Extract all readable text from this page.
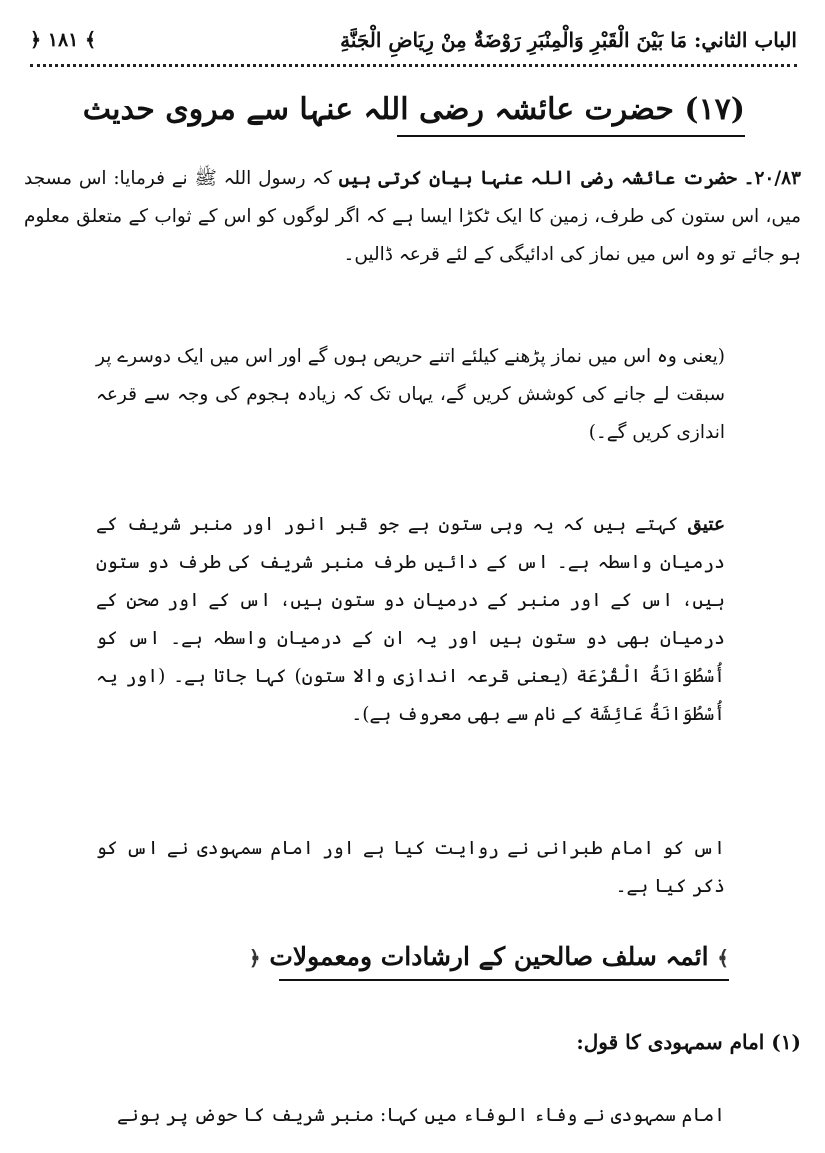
الباب الثاني: مَا بَيْنَ الْقَبْرِ وَالْمِنْبَرِ رَوْضَةٌ مِنْ رِيَاضِ الْجَنَّةِ
﴿ ۱۸۱ ﴾
(۱۷) حضرت عائشہ رضی اللہ عنہا سے مروی حدیث
۲۰/۸۳۔ حضرت عائشہ رضی اللہ عنہا بیان کرتی ہیں کہ رسول اللہ ﷺ نے فرمایا: اس مسجد میں، اس ستون کی طرف، زمین کا ایک ٹکڑا ایسا ہے کہ اگر لوگوں کو اس کے ثواب کے متعلق معلوم ہو جائے تو وہ اس میں نماز کی ادائیگی کے لئے قرعہ ڈالیں۔
(یعنی وہ اس میں نماز پڑھنے کیلئے اتنے حریص ہوں گے اور اس میں ایک دوسرے پر سبقت لے جانے کی کوشش کریں گے، یہاں تک کہ زیادہ ہجوم کی وجہ سے قرعہ اندازی کریں گے۔)
عتیق کہتے ہیں کہ یہ وہی ستون ہے جو قبر انور اور منبر شریف کے درمیان واسطہ ہے۔ اس کے دائیں طرف منبر شریف کی طرف دو ستون ہیں، اس کے اور منبر کے درمیان دو ستون ہیں، اس کے اور صحن کے درمیان بھی دو ستون ہیں اور یہ ان کے درمیان واسطہ ہے۔ اس کو أُسْطُوَانَةُ الْقُرْعَة (یعنی قرعہ اندازی والا ستون) کہا جاتا ہے۔ (اور یہ أُسْطُوَانَةُ عَائِشَة کے نام سے بھی معروف ہے)۔
اس کو امام طبرانی نے روایت کیا ہے اور امام سمہودی نے اس کو ذکر کیا ہے۔
﴾ ائمہ سلف صالحین کے ارشادات ومعمولات ﴿
(۱) امام سمہودی کا قول:
امام سمہودی نے وفاء الوفاء میں کہا: منبر شریف کا حوض پر ہونے
